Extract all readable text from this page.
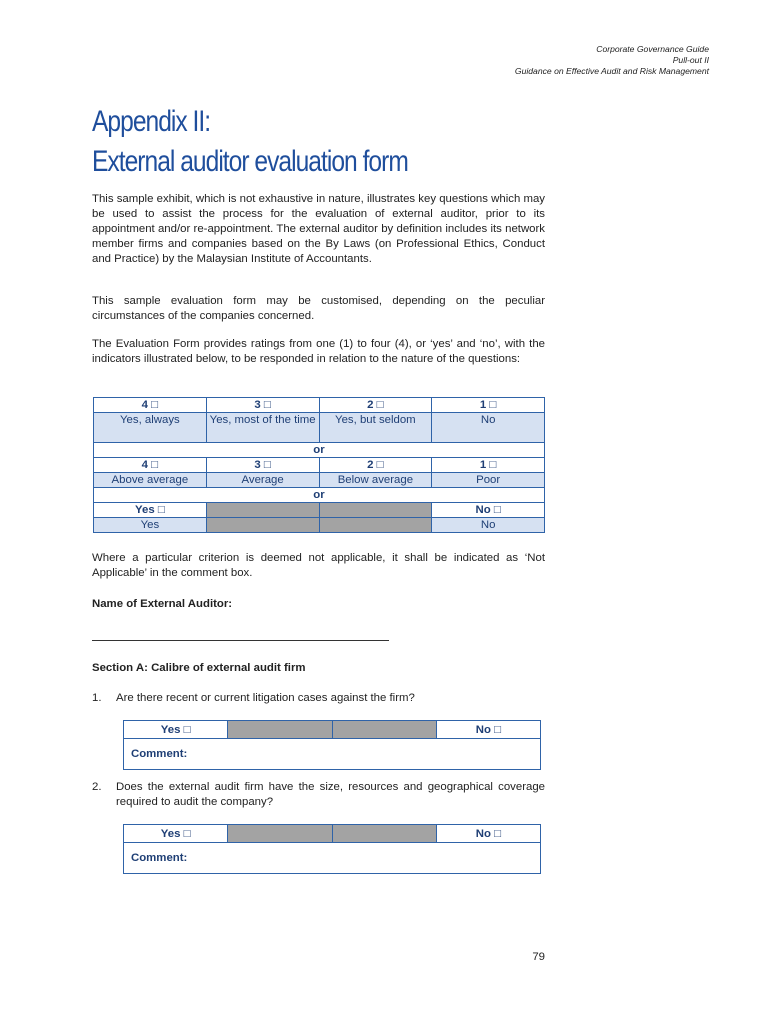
Corporate Governance Guide
Pull-out II
Guidance on Effective Audit and Risk Management
Appendix II:
External auditor evaluation form
This sample exhibit, which is not exhaustive in nature, illustrates key questions which may be used to assist the process for the evaluation of external auditor, prior to its appointment and/or re-appointment. The external auditor by definition includes its network member firms and companies based on the By Laws (on Professional Ethics, Conduct and Practice) by the Malaysian Institute of Accountants.
This sample evaluation form may be customised, depending on the peculiar circumstances of the companies concerned.
The Evaluation Form provides ratings from one (1) to four (4), or ‘yes’ and ‘no’, with the indicators illustrated below, to be responded in relation to the nature of the questions:
4 □	3 □	2 □	1 □
Yes, always	Yes, most of the time	Yes, but seldom	No
or			
4 □	3 □	2 □	1 □
Above average	Average	Below average	Poor
or			
Yes □			No □
Yes			No
Where a particular criterion is deemed not applicable, it shall be indicated as ‘Not Applicable’ in the comment box.
Name of External Auditor:
Section A: Calibre of external audit firm
1. Are there recent or current litigation cases against the firm?
Yes □			No □
Comment:
2. Does the external audit firm have the size, resources and geographical coverage required to audit the company?
Yes □			No □
Comment:
79
